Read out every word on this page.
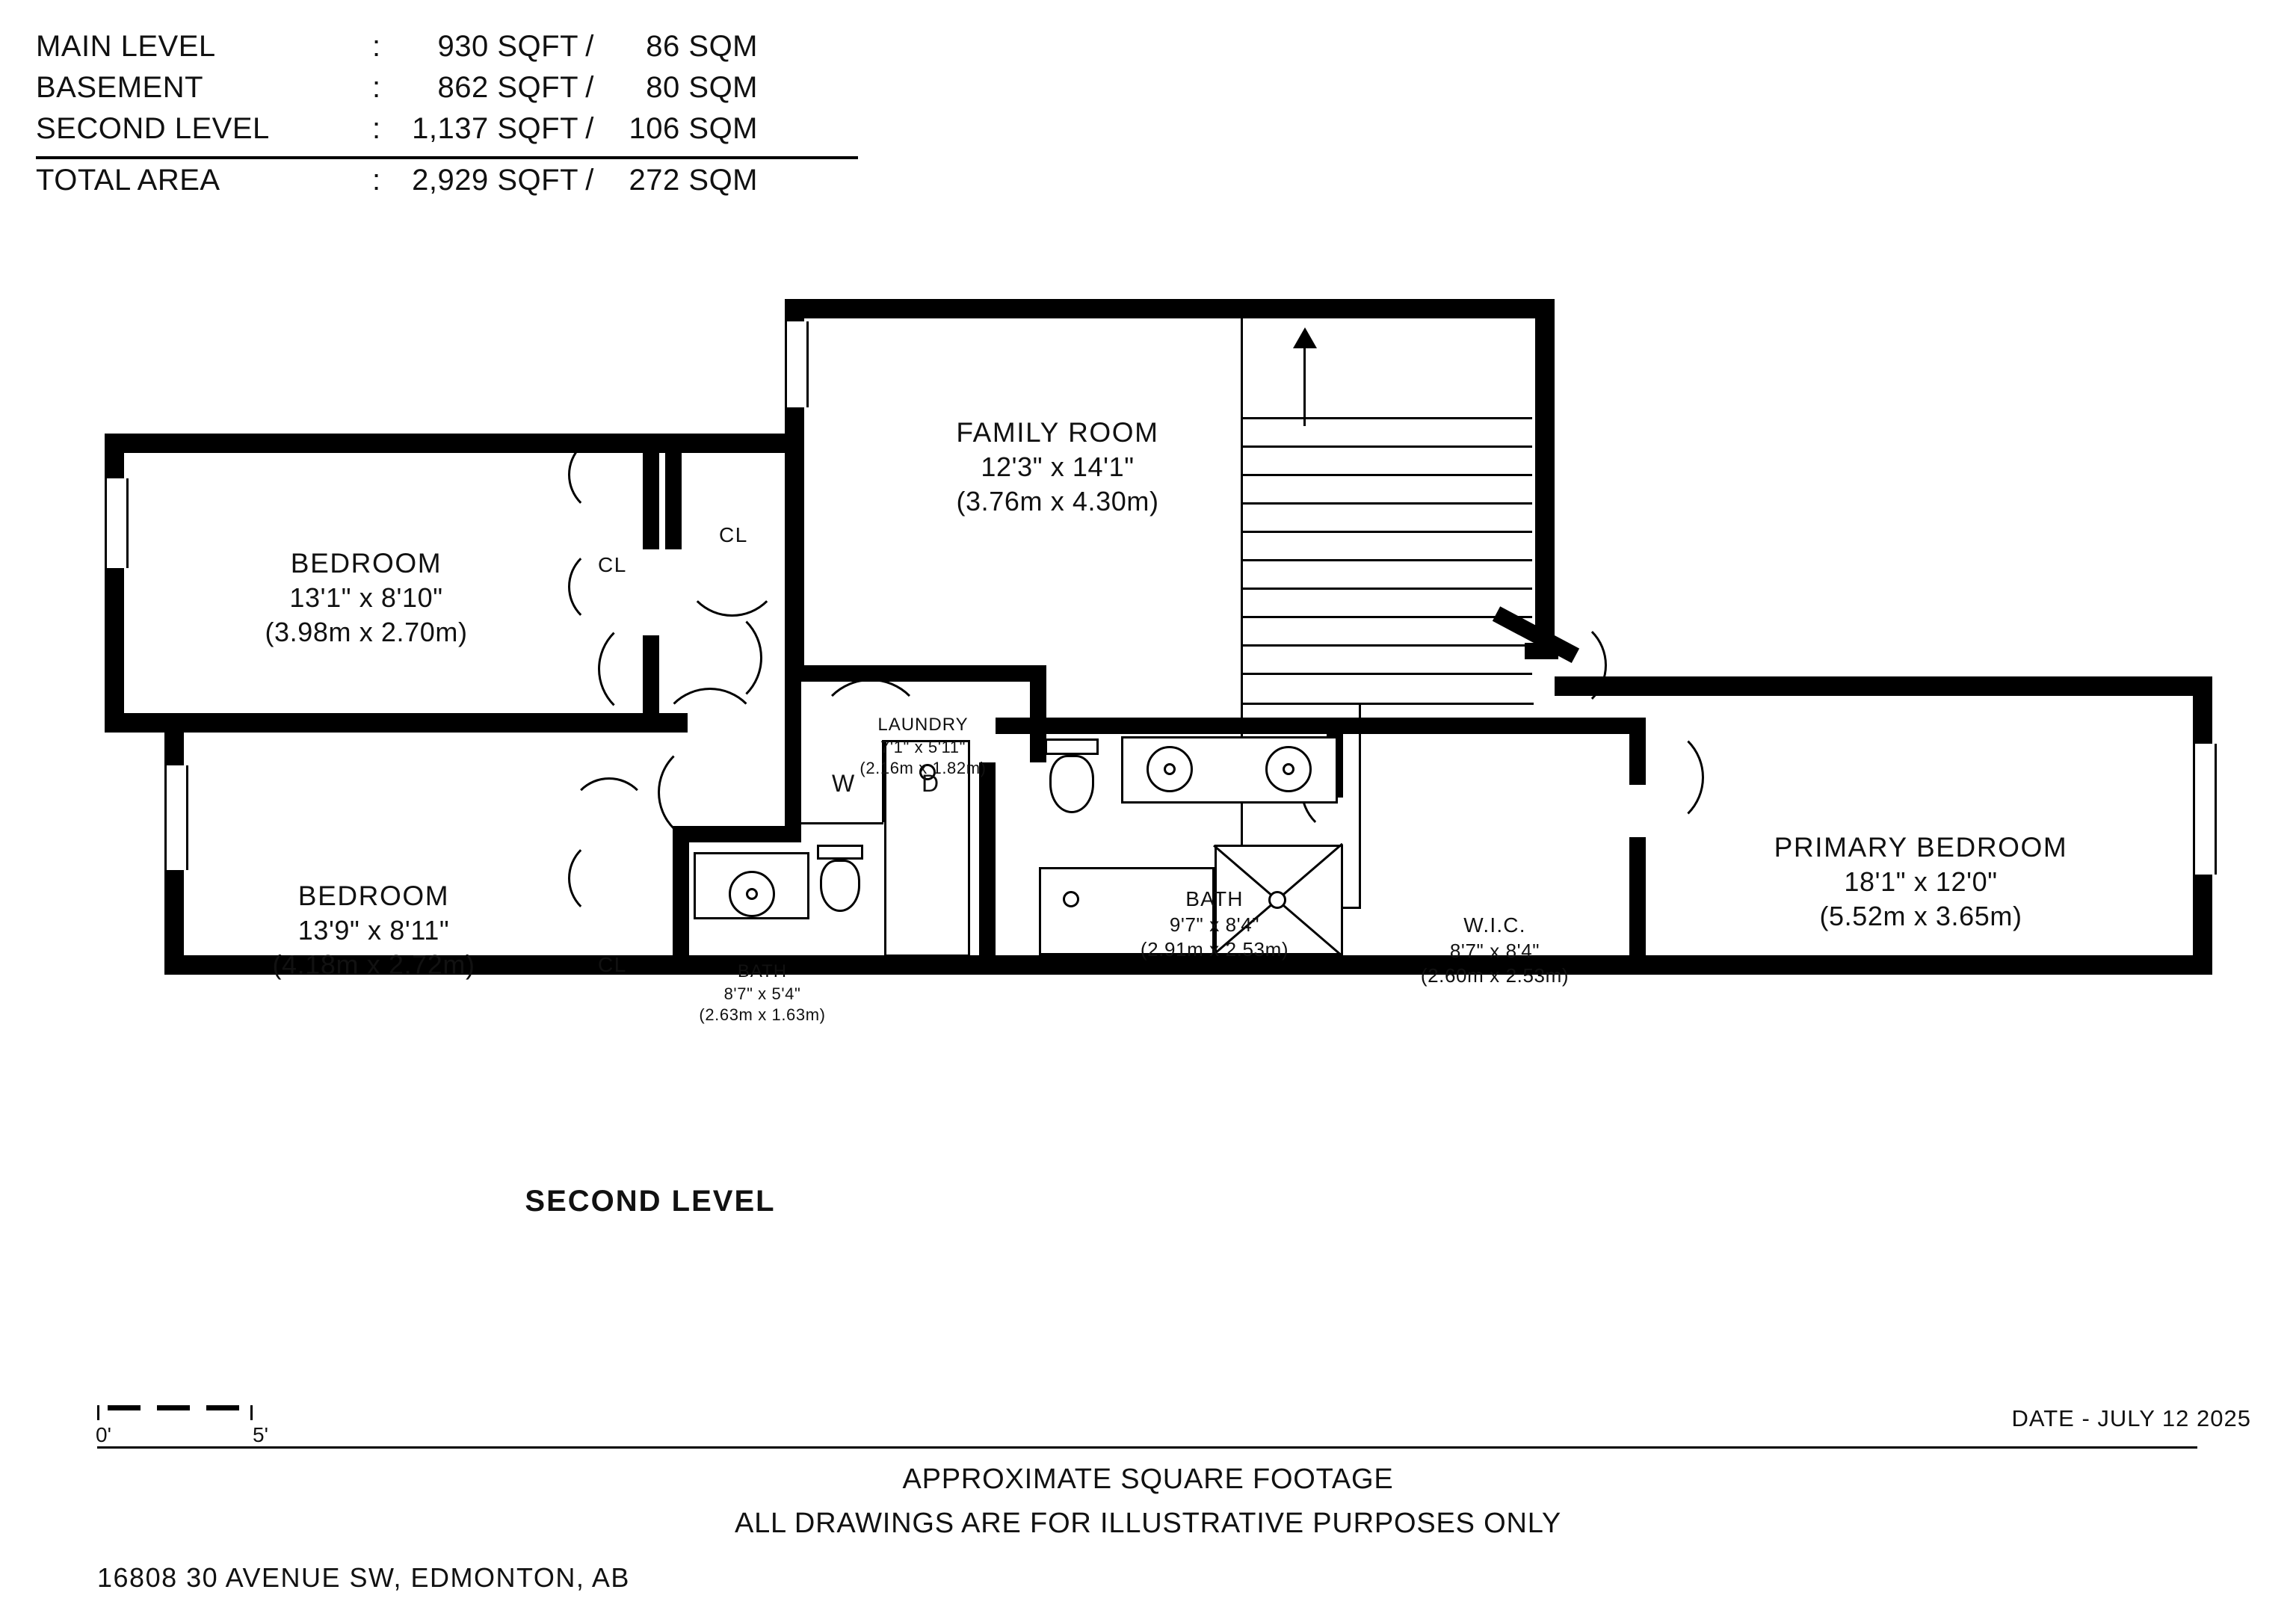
MAIN LEVEL	:	930 SQFT /	86 SQM
BASEMENT	:	862 SQFT /	80 SQM
SECOND LEVEL	:	1,137 SQFT /	106 SQM
TOTAL AREA	:	2,929 SQFT /	272 SQM
FAMILY ROOM
12'3" x 14'1"
(3.76m x 4.30m)
BEDROOM
13'1" x 8'10"
(3.98m x 2.70m)
BEDROOM
13'9" x 8'11"
(4.18m x 2.72m)
PRIMARY BEDROOM
18'1" x 12'0"
(5.52m x 3.65m)
LAUNDRY
7'1" x 5'11"
(2.16m x 1.82m)
BATH
8'7" x 5'4"
(2.63m x 1.63m)
BATH
9'7" x 8'4"
(2.91m x 2.53m)
W.I.C.
8'7" x 8'4"
(2.60m x 2.53m)
CL
CL
CL
W	D
SECOND LEVEL
0'	5'
DATE - JULY 12 2025
APPROXIMATE SQUARE FOOTAGE
ALL DRAWINGS ARE FOR ILLUSTRATIVE PURPOSES ONLY
16808 30 AVENUE SW, EDMONTON, AB
